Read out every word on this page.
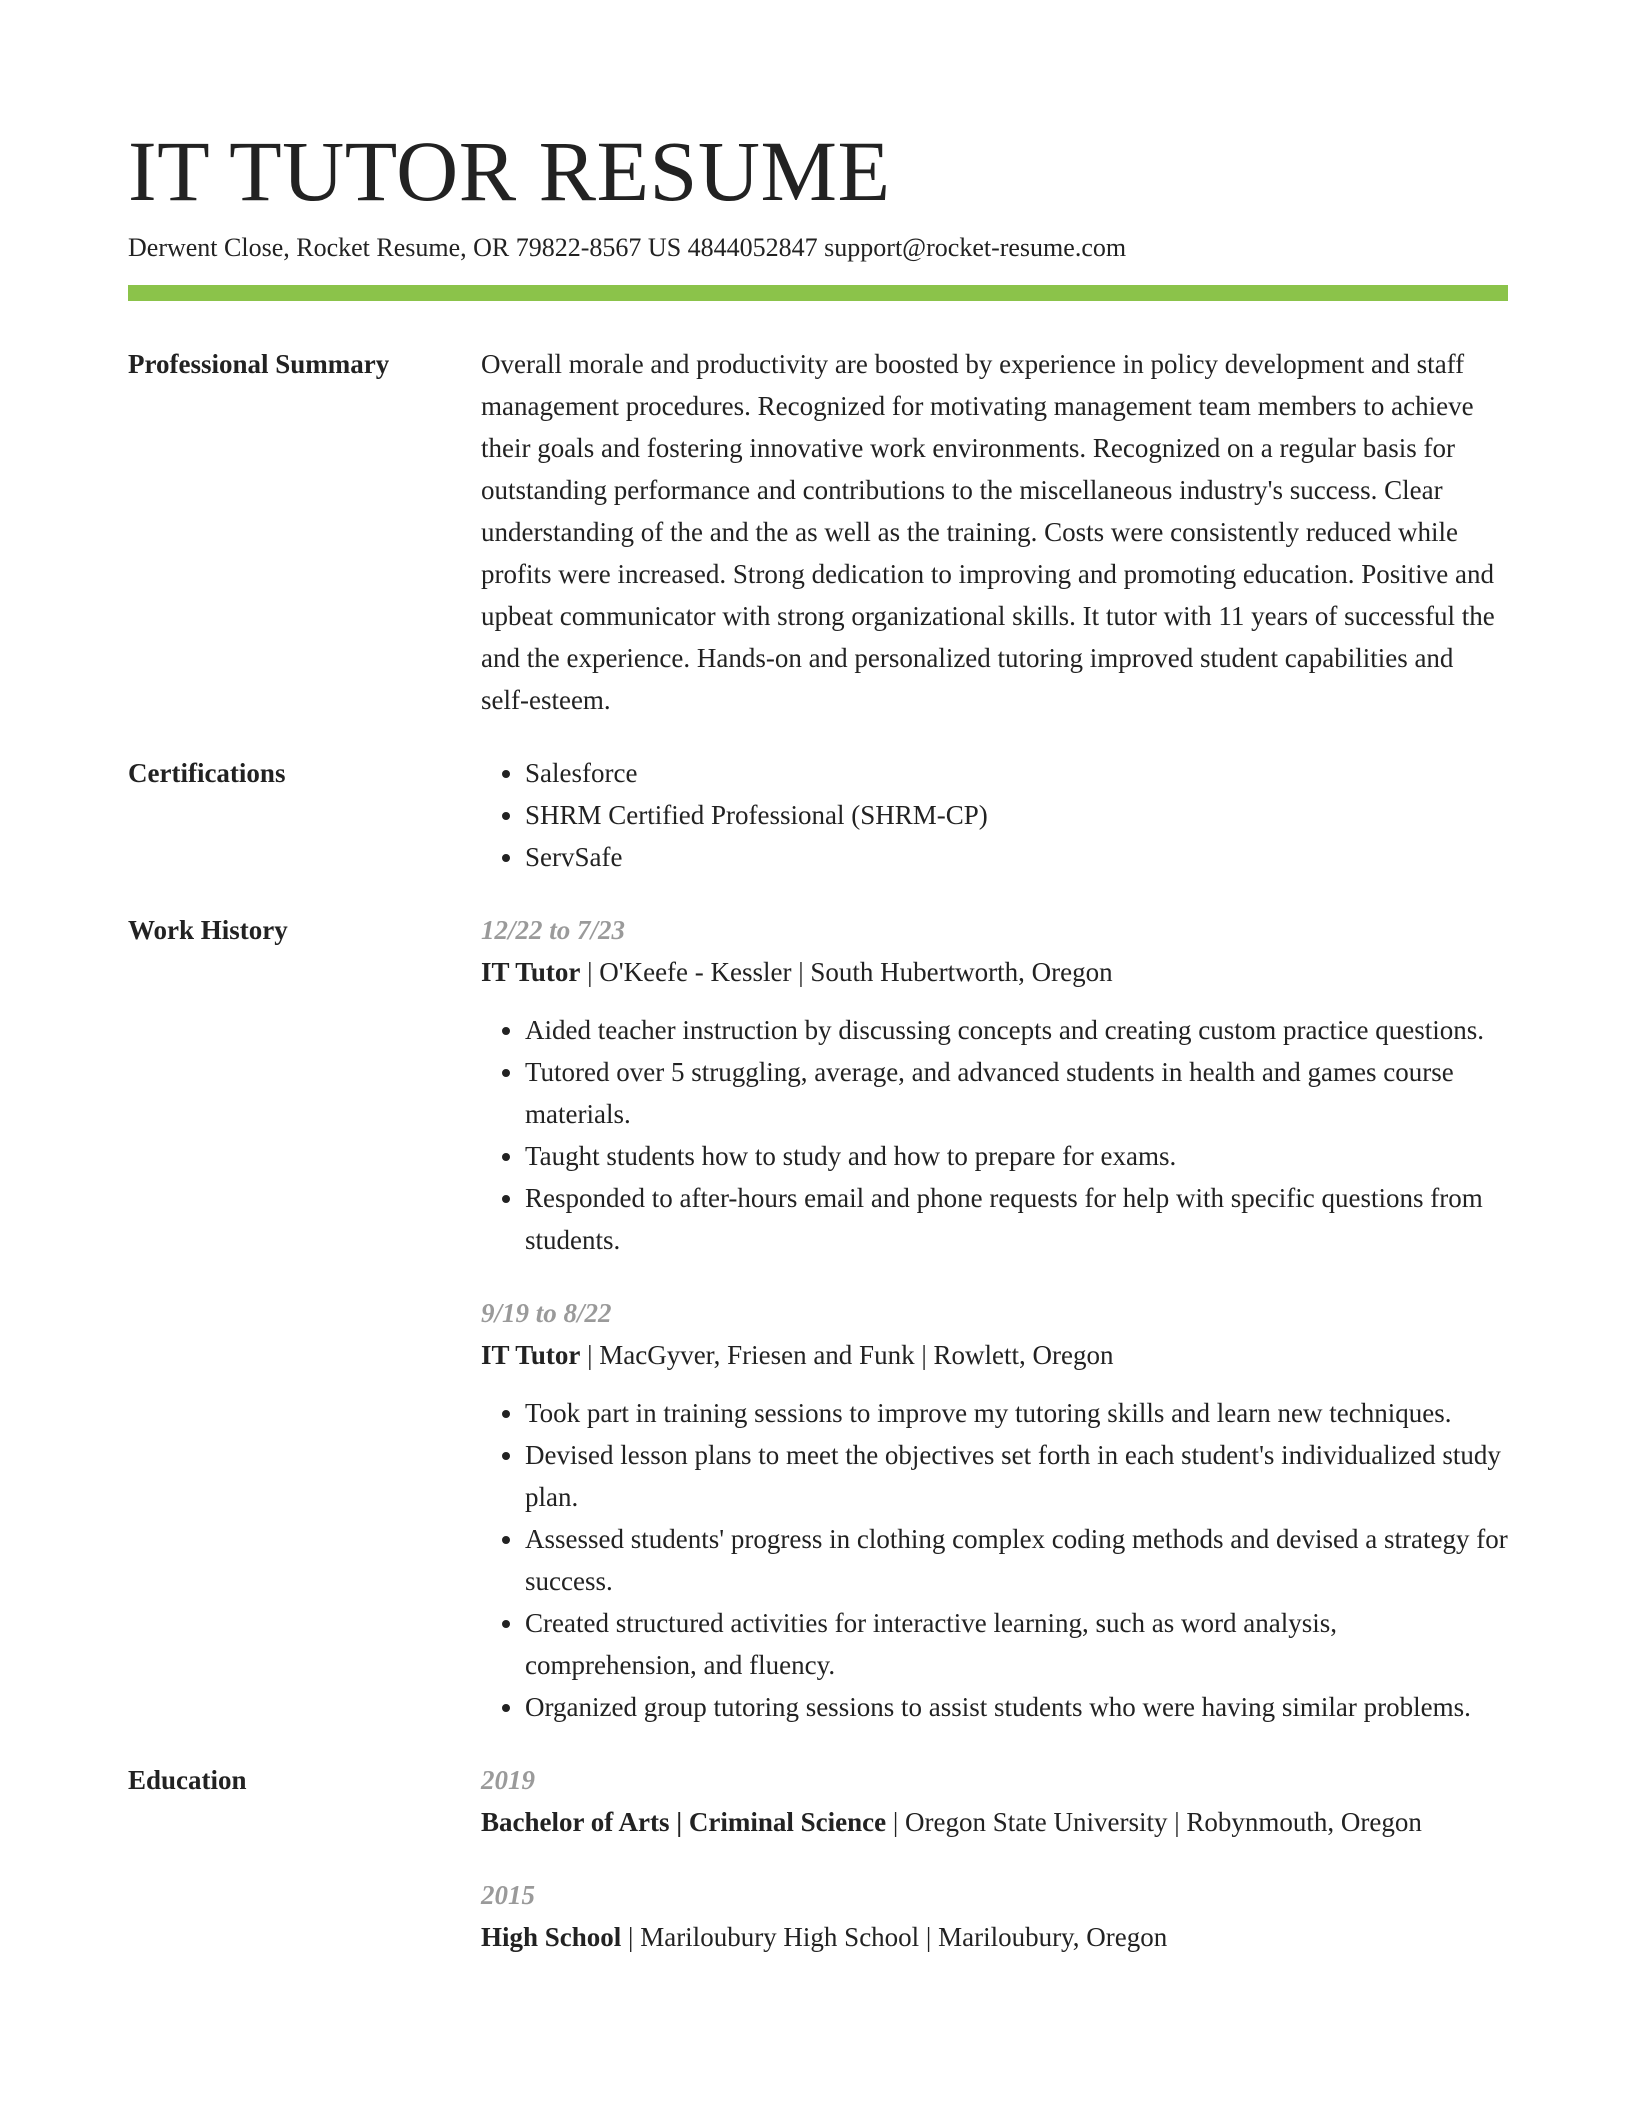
IT TUTOR RESUME
Derwent Close, Rocket Resume, OR 79822-8567 US 4844052847 support@rocket-resume.com
Professional Summary	Overall morale and productivity are boosted by experience in policy development and staff management procedures. Recognized for motivating management team members to achieve their goals and fostering innovative work environments. Recognized on a regular basis for outstanding performance and contributions to the miscellaneous industry's success. Clear understanding of the and the as well as the training. Costs were consistently reduced while profits were increased. Strong dedication to improving and promoting education. Positive and upbeat communicator with strong organizational skills. It tutor with 11 years of successful the and the experience. Hands-on and personalized tutoring improved student capabilities and self-esteem.

Certifications
•	Salesforce
• SHRM Certified Professional (SHRM-CP)
• ServSafe
Work History	12/22 to 7/23
IT Tutor | O'Keefe - Kessler | South Hubertworth, Oregon
• Aided teacher instruction by discussing concepts and creating custom practice questions.
• Tutored over 5 struggling, average, and advanced students in health and games course materials.
• Taught students how to study and how to prepare for exams.
• Responded to after-hours email and phone requests for help with specific questions from students.
9/19 to 8/22
IT Tutor | MacGyver, Friesen and Funk | Rowlett, Oregon
• Took part in training sessions to improve my tutoring skills and learn new techniques.
• Devised lesson plans to meet the objectives set forth in each student's individualized study plan.
• Assessed students' progress in clothing complex coding methods and devised a strategy for success.
• Created structured activities for interactive learning, such as word analysis, comprehension, and fluency.
• Organized group tutoring sessions to assist students who were having similar problems.
Education	2019
Bachelor of Arts | Criminal Science | Oregon State University | Robynmouth, Oregon
2015
High School | Mariloubury High School | Mariloubury, Oregon
